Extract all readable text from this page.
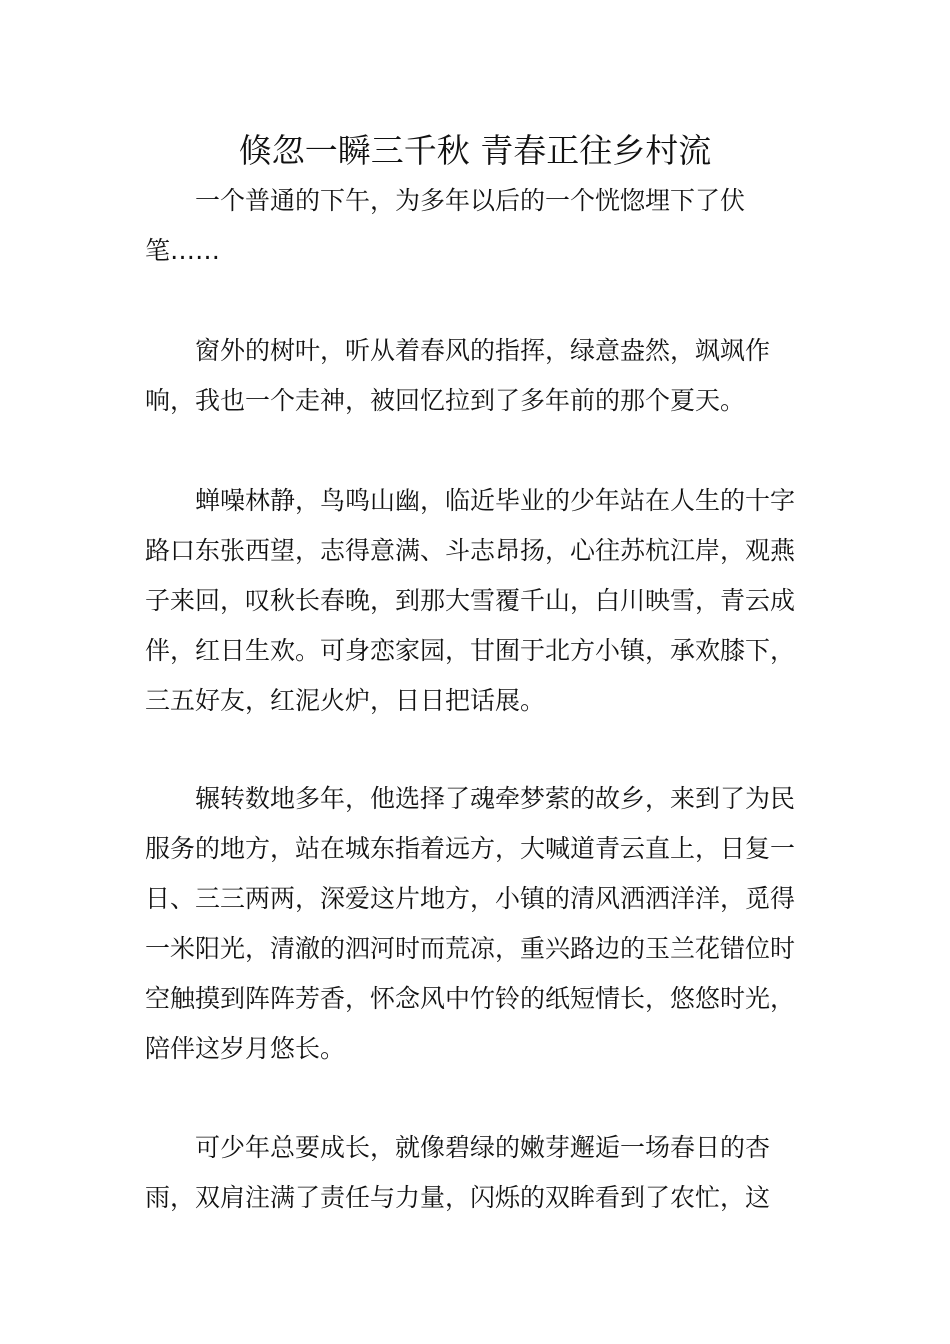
倏忽一瞬三千秋 青春正往乡村流

一个普通的下午，为多年以后的一个恍惚埋下了伏笔……

窗外的树叶，听从着春风的指挥，绿意盎然，飒飒作响，我也一个走神，被回忆拉到了多年前的那个夏天。

蝉噪林静，鸟鸣山幽，临近毕业的少年站在人生的十字路口东张西望，志得意满、斗志昂扬，心往苏杭江岸，观燕子来回，叹秋长春晚，到那大雪覆千山，白川映雪，青云成伴，红日生欢。可身恋家园，甘囿于北方小镇，承欢膝下，三五好友，红泥火炉，日日把话展。

辗转数地多年，他选择了魂牵梦萦的故乡，来到了为民服务的地方，站在城东指着远方，大喊道青云直上，日复一日、三三两两，深爱这片地方，小镇的清风洒洒洋洋，觅得一米阳光，清澈的泗河时而荒凉，重兴路边的玉兰花错位时空触摸到阵阵芳香，怀念风中竹铃的纸短情长，悠悠时光，陪伴这岁月悠长。

可少年总要成长，就像碧绿的嫩芽邂逅一场春日的杏雨，双肩注满了责任与力量，闪烁的双眸看到了农忙，这
